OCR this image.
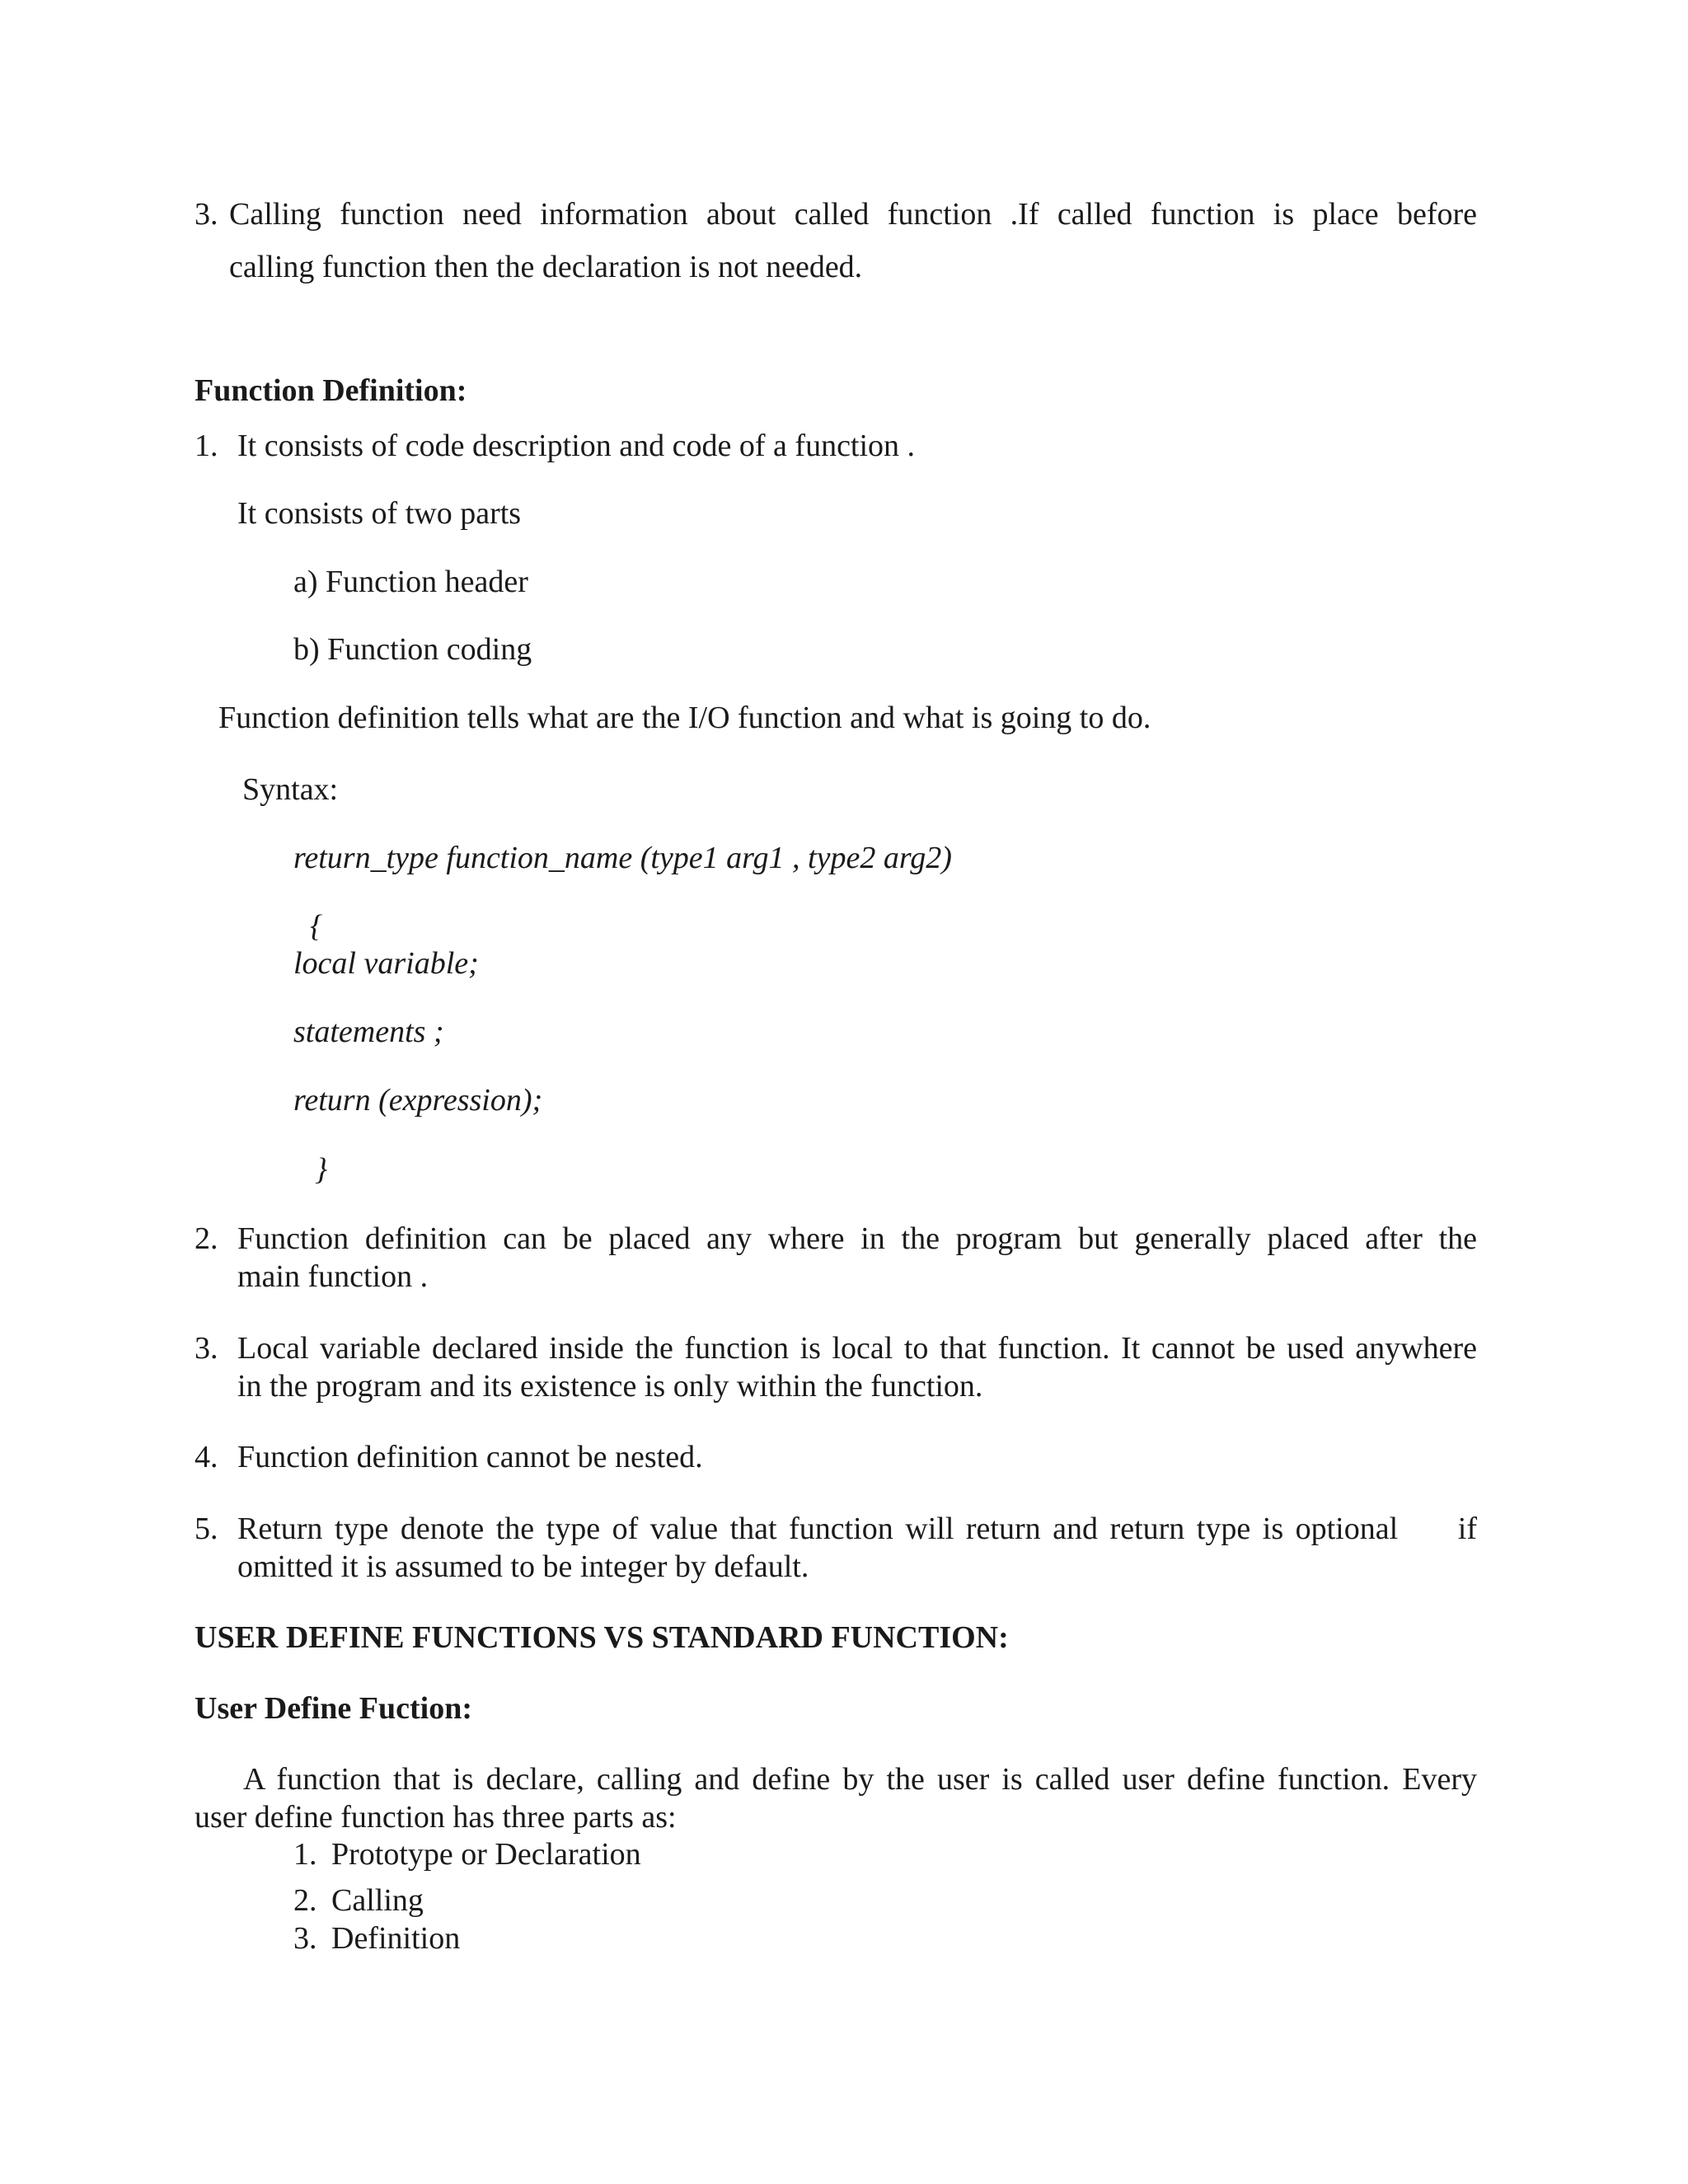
3. Calling function need information about called function .If called function is place before
calling function then the declaration is not needed.
Function Definition:
1. It consists of code description and code of a function .
It consists of two parts
a) Function header
b) Function coding
Function definition tells what are the I/O function and what is going to do.
Syntax:
return_type function_name (type1 arg1 , type2 arg2)
{
local variable;
statements ;
return (expression);
}
2. Function definition can be placed any where in the program but generally placed after the
main function .
3. Local variable declared inside the function is local to that function. It cannot be used anywhere
in the program and its existence is only within the function.
4. Function definition cannot be nested.
5. Return type denote the type of value that function will return and return type is optional     if
omitted it is assumed to be integer by default.
USER DEFINE FUNCTIONS VS STANDARD FUNCTION:
User Define Fuction:
A function that is declare, calling and define by the user is called user define function. Every
user define function has three parts as:
1. Prototype or Declaration
2. Calling
3. Definition
